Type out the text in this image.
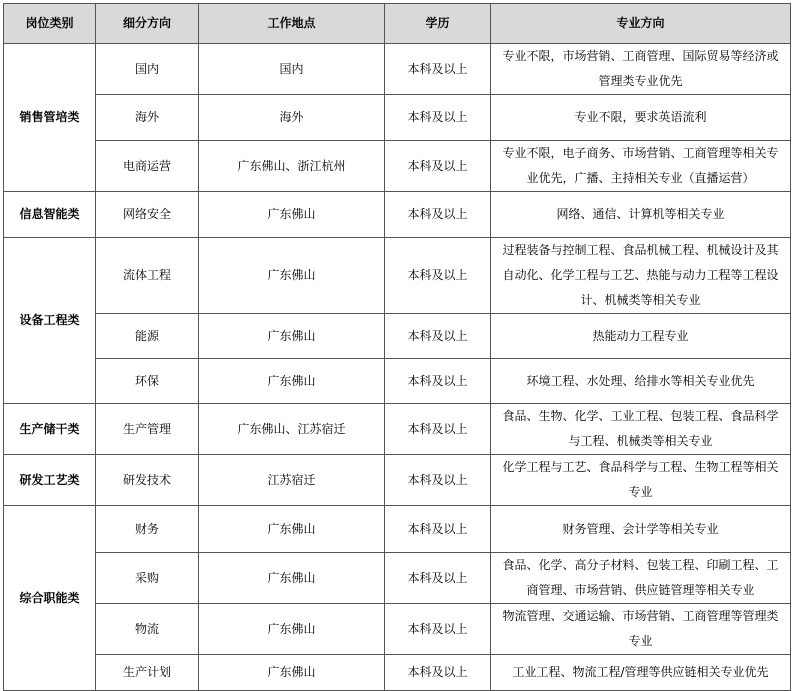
岗位类别	细分方向	工作地点	学历	专业方向
销售管培类	国内	国内	本科及以上	专业不限，市场营销、工商管理、国际贸易等经济或管理类专业优先
	海外	海外	本科及以上	专业不限，要求英语流利
	电商运营	广东佛山、浙江杭州	本科及以上	专业不限，电子商务、市场营销、工商管理等相关专业优先，广播、主持相关专业（直播运营）
信息智能类	网络安全	广东佛山	本科及以上	网络、通信、计算机等相关专业
设备工程类	流体工程	广东佛山	本科及以上	过程装备与控制工程、食品机械工程、机械设计及其自动化、化学工程与工艺、热能与动力工程等工程设计、机械类等相关专业
	能源	广东佛山	本科及以上	热能动力工程专业
	环保	广东佛山	本科及以上	环境工程、水处理、给排水等相关专业优先
生产储干类	生产管理	广东佛山、江苏宿迁	本科及以上	食品、生物、化学、工业工程、包装工程、食品科学与工程、机械类等相关专业
研发工艺类	研发技术	江苏宿迁	本科及以上	化学工程与工艺、食品科学与工程、生物工程等相关专业
综合职能类	财务	广东佛山	本科及以上	财务管理、会计学等相关专业
	采购	广东佛山	本科及以上	食品、化学、高分子材料、包装工程、印刷工程、工商管理、市场营销、供应链管理等相关专业
	物流	广东佛山	本科及以上	物流管理、交通运输、市场营销、工商管理等管理类专业
	生产计划	广东佛山	本科及以上	工业工程、物流工程/管理等供应链相关专业优先
